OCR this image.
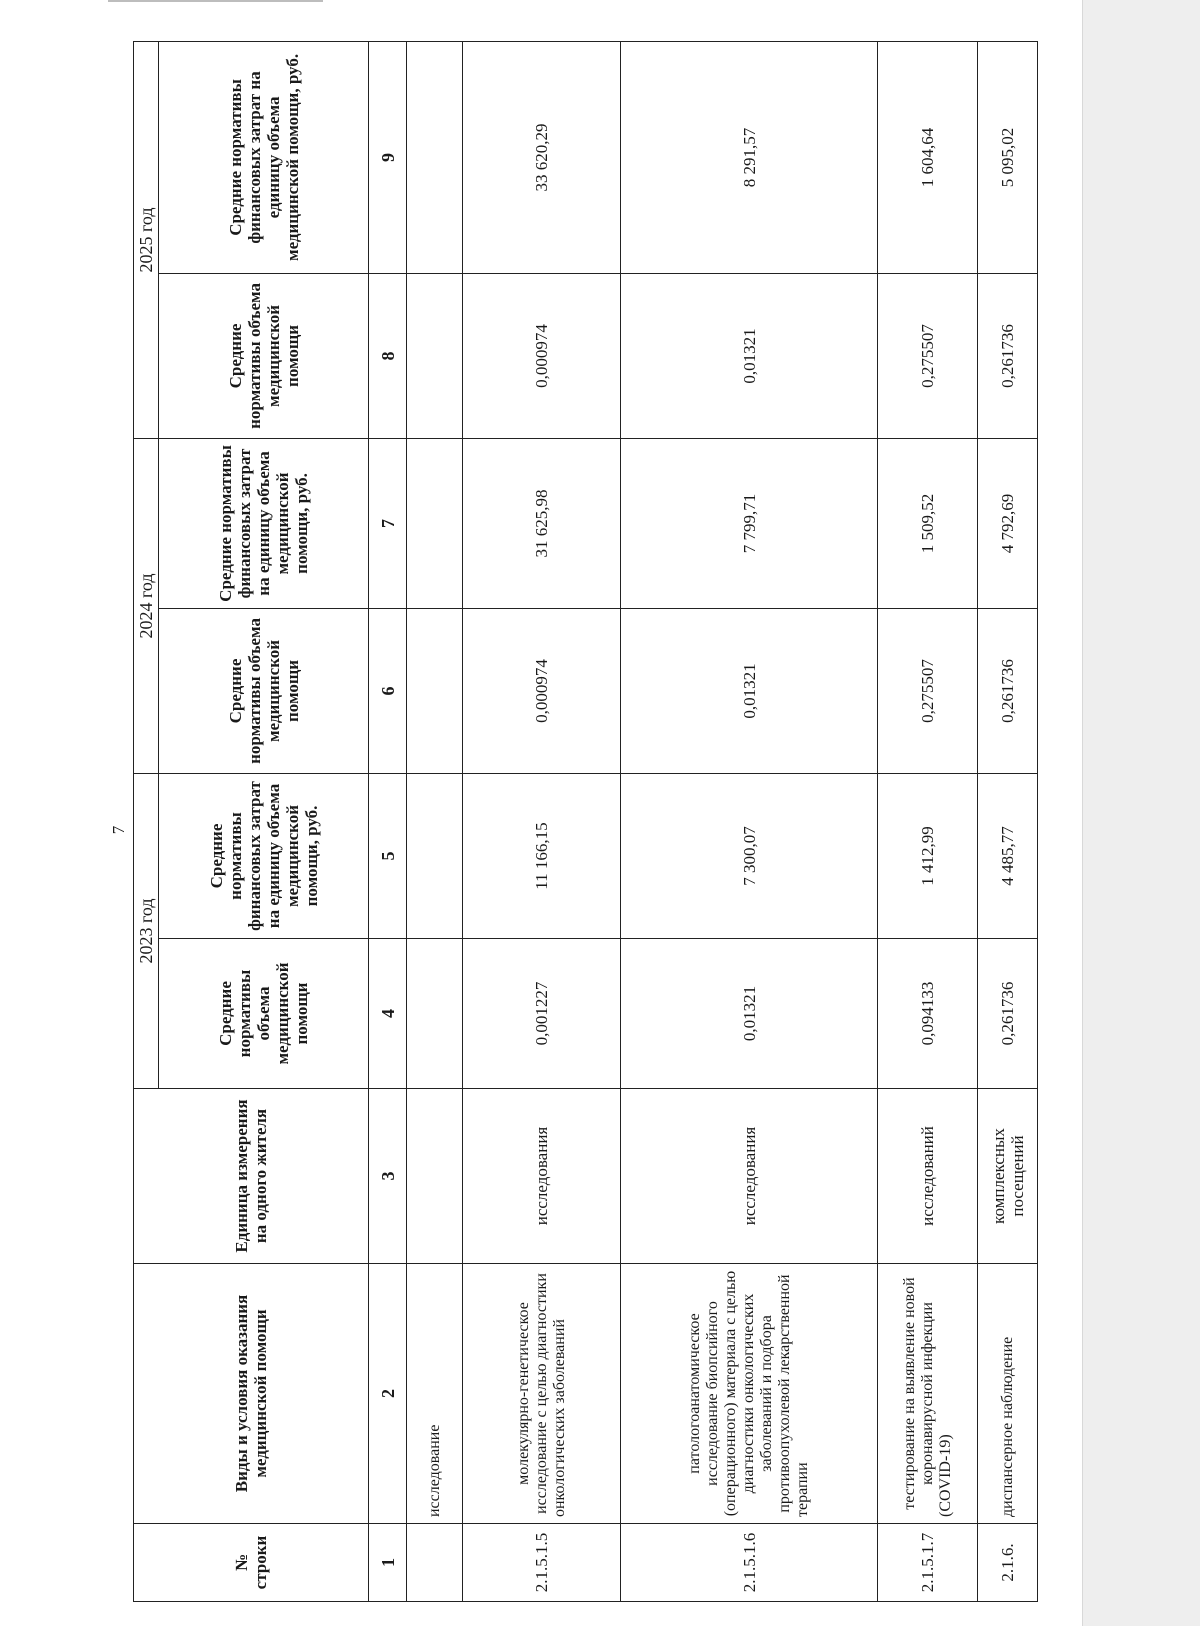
7
№ строки	Виды и условия оказания медицинской помощи	Единица измерения на одного жителя	2023 год		2024 год		2025 год	
			Средние нормативы объема медицинской помощи	Средние нормативы финансовых затрат на единицу объема медицинской помощи, руб.	Средние нормативы объема медицинской помощи	Средние нормативы финансовых затрат на единицу объема медицинской помощи, руб.	Средние нормативы объема медицинской помощи	Средние нормативы финансовых затрат на единицу объема медицинской помощи, руб.
1	2	3	4	5	6	7	8	9
	исследование							
2.1.5.1.5	молекулярно-генетическое исследование с целью диагностики онкологических заболеваний	исследования	0,001227	11 166,15	0,000974	31 625,98	0,000974	33 620,29
2.1.5.1.6	патологоанатомическое исследование биопсийного (операционного) материала с целью диагностики онкологических заболеваний и подбора противоопухолевой лекарственной терапии	исследования	0,01321	7 300,07	0,01321	7 799,71	0,01321	8 291,57
2.1.5.1.7	тестирование на выявление новой коронавирусной инфекции (COVID-19)	исследований	0,094133	1 412,99	0,275507	1 509,52	0,275507	1 604,64
2.1.6.	диспансерное наблюдение	комплексных посещений	0,261736	4 485,77	0,261736	4 792,69	0,261736	5 095,02
